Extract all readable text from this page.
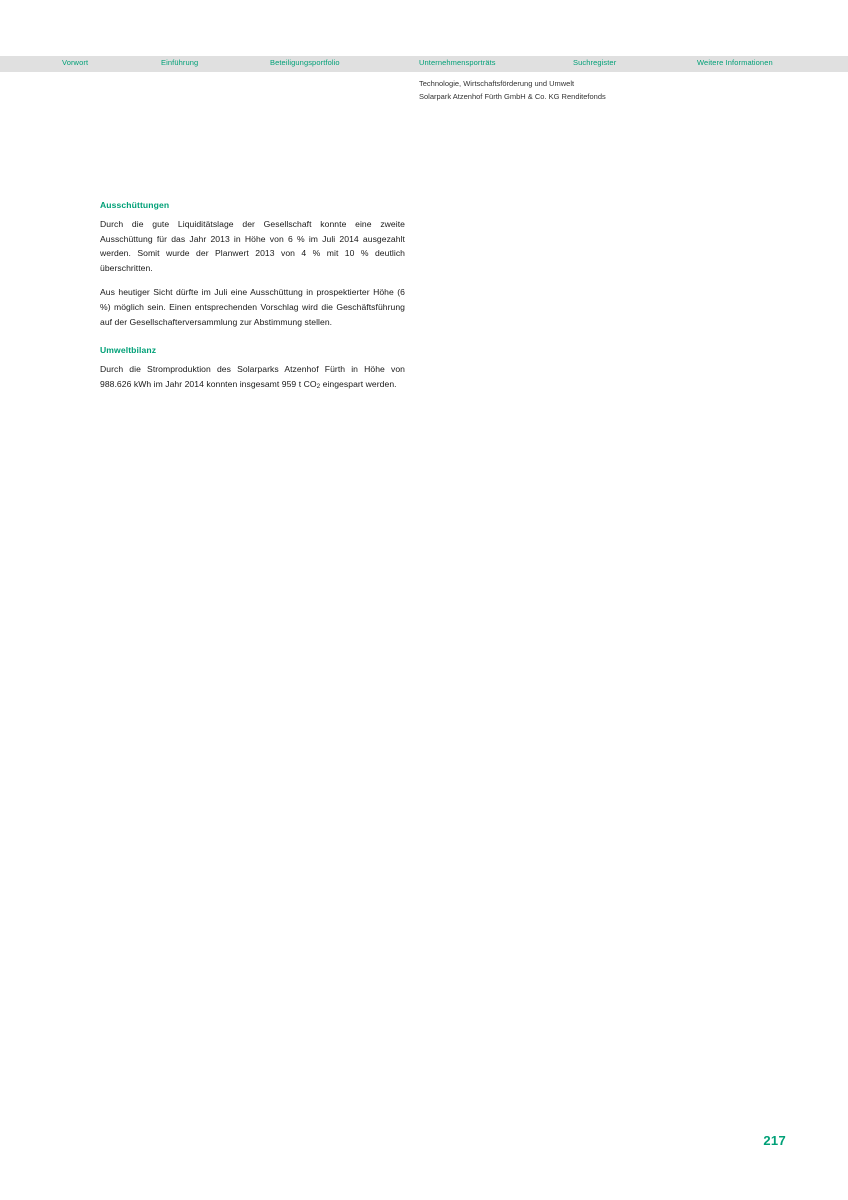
Vorwort	Einführung	Beteiligungsportfolio	Unternehmensporträts	Suchregister	Weitere Informationen
Technologie, Wirtschaftsförderung und Umwelt
Solarpark Atzenhof Fürth GmbH & Co. KG Renditefonds
Ausschüttungen

Durch die gute Liquiditätslage der Gesellschaft konnte eine zweite Ausschüttung für das Jahr 2013 in Höhe von 6 % im Juli 2014 ausgezahlt werden. Somit wurde der Planwert 2013 von 4 % mit 10 % deutlich überschritten.

Aus heutiger Sicht dürfte im Juli eine Ausschüttung in prospektierter Höhe (6 %) möglich sein. Einen entsprechenden Vorschlag wird die Geschäftsführung auf der Gesellschafterversammlung zur Abstimmung stellen.

Umweltbilanz

Durch die Stromproduktion des Solarparks Atzenhof Fürth in Höhe von 988.626 kWh im Jahr 2014 konnten insgesamt 959 t $CO_2$ eingespart werden.

217
